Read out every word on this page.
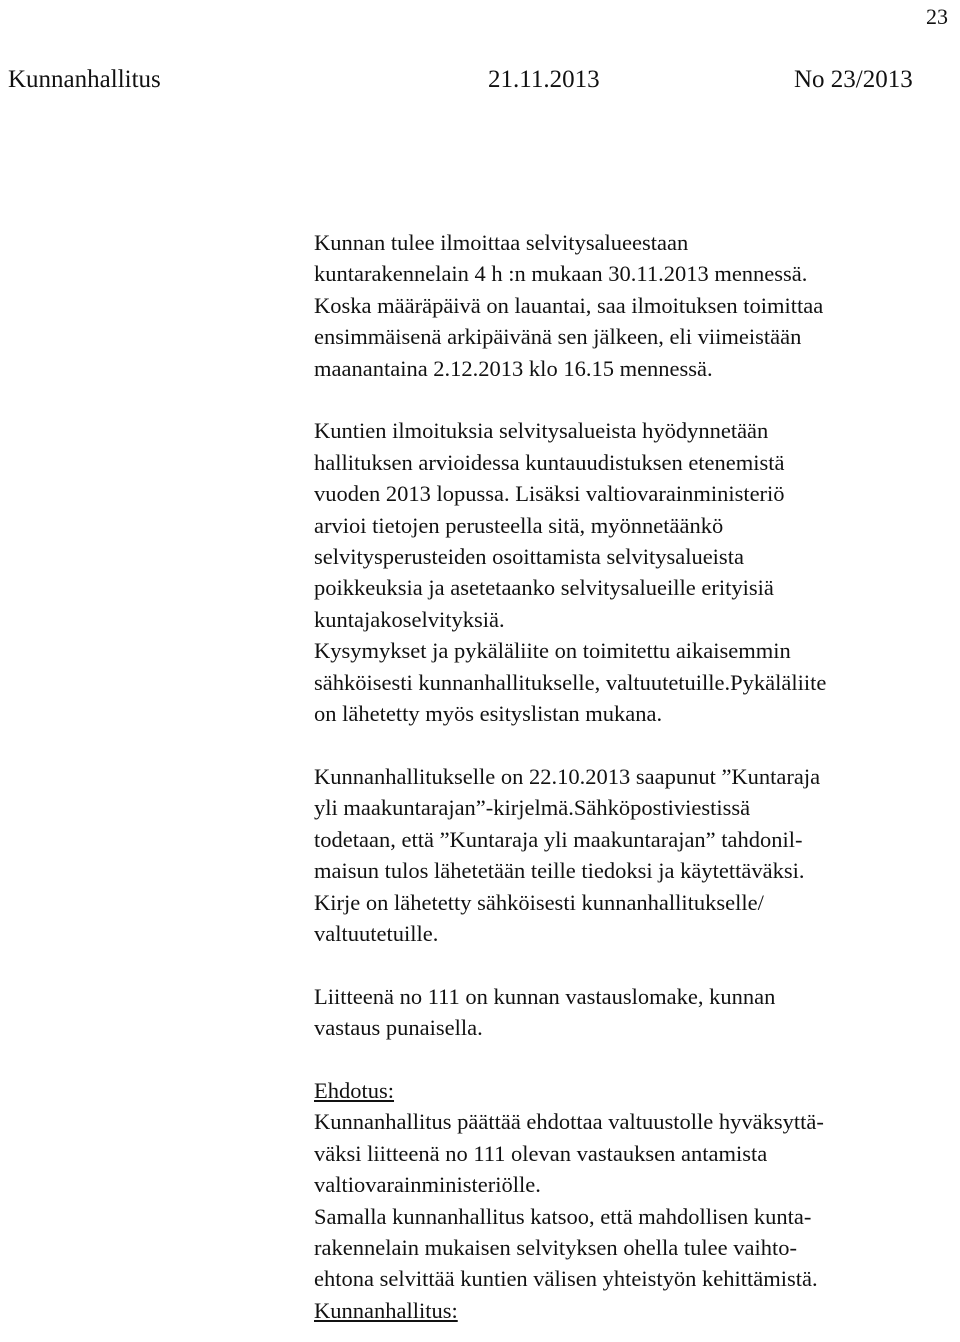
23
Kunnanhallitus	21.11.2013	No 23/2013
Kunnan tulee ilmoittaa selvitysalueestaan
kuntarakennelain 4 h :n mukaan 30.11.2013 mennessä.
Koska määräpäivä on lauantai, saa ilmoituksen toimittaa
ensimmäisenä arkipäivänä sen jälkeen, eli viimeistään
maanantaina 2.12.2013 klo 16.15 mennessä.
Kuntien ilmoituksia selvitysalueista hyödynnetään
hallituksen arvioidessa kuntauudistuksen etenemistä
vuoden 2013 lopussa. Lisäksi valtiovarainministeriö
arvioi tietojen perusteella sitä, myönnetäänkö
selvitysperusteiden osoittamista selvitysalueista
poikkeuksia ja asetetaanko selvitysalueille erityisiä
kuntajakoselvityksiä.
Kysymykset ja pykäläliite on toimitettu aikaisemmin
sähköisesti kunnanhallitukselle, valtuutetuille.Pykäläliite
on lähetetty myös esityslistan mukana.
Kunnanhallitukselle on 22.10.2013 saapunut ”Kuntaraja
yli maakuntarajan”-kirjelmä.Sähköpostiviestissä
todetaan, että ”Kuntaraja yli maakuntarajan” tahdonil-
maisun tulos lähetetään teille tiedoksi ja käytettäväksi.
Kirje on lähetetty sähköisesti kunnanhallitukselle/
valtuutetuille.
Liitteenä no 111 on kunnan vastauslomake, kunnan
vastaus punaisella.
Ehdotus:
Kunnanhallitus päättää ehdottaa valtuustolle hyväksyttä-
väksi liitteenä no 111 olevan vastauksen antamista
valtiovarainministeriölle.
Samalla kunnanhallitus katsoo, että mahdollisen kunta-
rakennelain mukaisen selvityksen ohella tulee vaihto-
ehtona selvittää kuntien välisen yhteistyön kehittämistä.
Kunnanhallitus:
